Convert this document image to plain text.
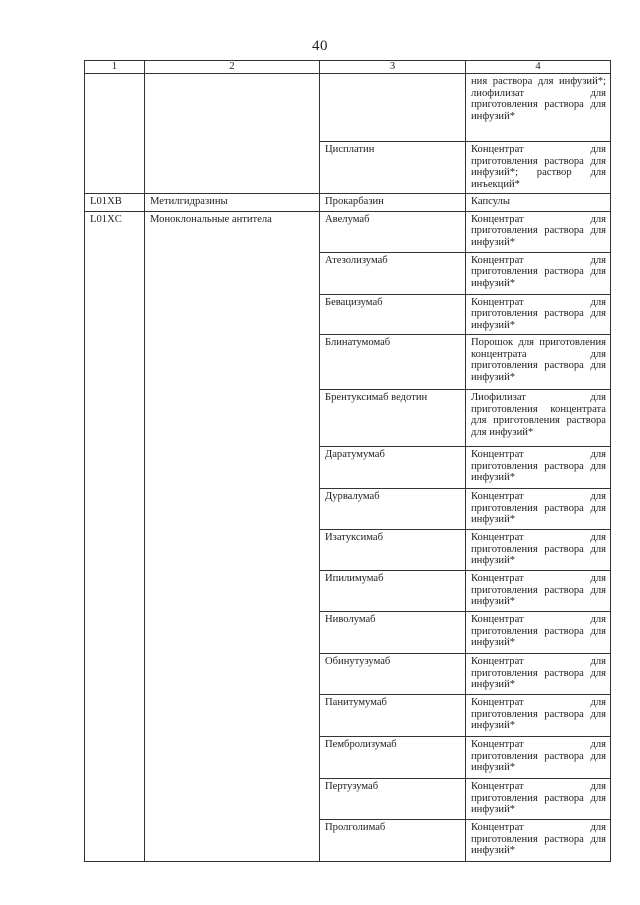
40
1	2	3	4
			ния раствора для инфузий*; лиофилизат для приготовления раствора для инфузий*
		Цисплатин	Концентрат для приготовления раствора для инфузий*; раствор для инъекций*
L01XB	Метилгидразины	Прокарбазин	Капсулы
L01XC	Моноклональные антитела	Авелумаб	Концентрат для приготовления раствора для инфузий*
		Атезолизумаб	Концентрат для приготовления раствора для инфузий*
		Бевацизумаб	Концентрат для приготовления раствора для инфузий*
		Блинатумомаб	Порошок для приготовления концентрата для приготовления раствора для инфузий*
		Брентуксимаб ведотин	Лиофилизат для приготовления концентрата для приготовления раствора для инфузий*
		Даратумумаб	Концентрат для приготовления раствора для инфузий*
		Дурвалумаб	Концентрат для приготовления раствора для инфузий*
		Изатуксимаб	Концентрат для приготовления раствора для инфузий*
		Ипилимумаб	Концентрат для приготовления раствора для инфузий*
		Ниволумаб	Концентрат для приготовления раствора для инфузий*
		Обинутузумаб	Концентрат для приготовления раствора для инфузий*
		Панитумумаб	Концентрат для приготовления раствора для инфузий*
		Пембролизумаб	Концентрат для приготовления раствора для инфузий*
		Пертузумаб	Концентрат для приготовления раствора для инфузий*
		Пролголимаб	Концентрат для приготовления раствора для инфузий*
